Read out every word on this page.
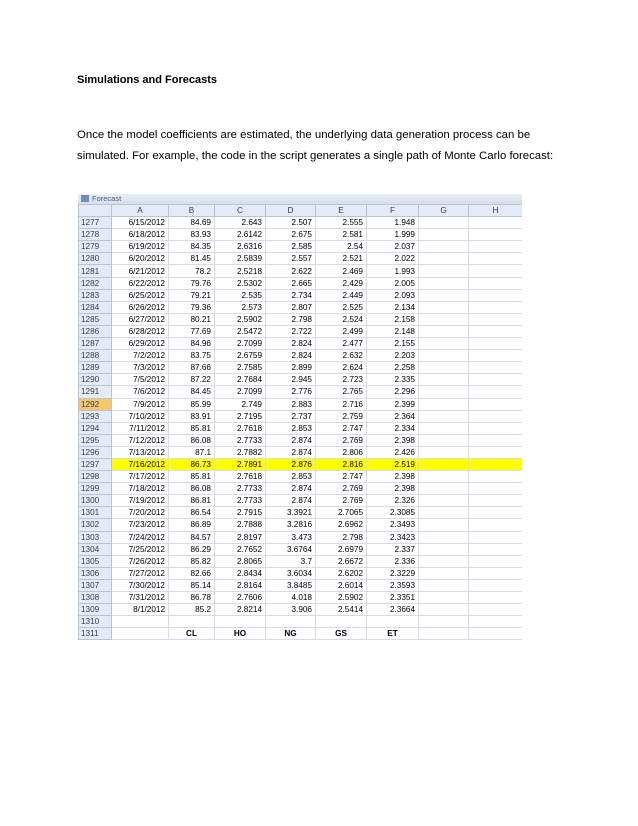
Simulations and Forecasts
Once the model coefficients are estimated, the underlying data generation process can be simulated. For example, the code in the script generates a single path of Monte Carlo forecast:
Forecast
	A	B	C	D	E	F	G	H
1277	6/15/2012	84.69	2.643	2.507	2.555	1.948		
1278	6/18/2012	83.93	2.6142	2.675	2.581	1.999		
1279	6/19/2012	84.35	2.6316	2.585	2.54	2.037		
1280	6/20/2012	81.45	2.5839	2.557	2.521	2.022		
1281	6/21/2012	78.2	2.5218	2.622	2.469	1.993		
1282	6/22/2012	79.76	2.5302	2.665	2.429	2.005		
1283	6/25/2012	79.21	2.535	2.734	2.449	2.093		
1284	6/26/2012	79.36	2.573	2.807	2.525	2.134		
1285	6/27/2012	80.21	2.5902	2.798	2.524	2.158		
1286	6/28/2012	77.69	2.5472	2.722	2.499	2.148		
1287	6/29/2012	84.96	2.7099	2.824	2.477	2.155		
1288	7/2/2012	83.75	2.6759	2.824	2.632	2.203		
1289	7/3/2012	87.66	2.7585	2.899	2.624	2.258		
1290	7/5/2012	87.22	2.7684	2.945	2.723	2.335		
1291	7/6/2012	84.45	2.7099	2.776	2.765	2.296		
1292	7/9/2012	85.99	2.749	2.883	2.716	2.399		
1293	7/10/2012	83.91	2.7195	2.737	2.759	2.364		
1294	7/11/2012	85.81	2.7618	2.853	2.747	2.334		
1295	7/12/2012	86.08	2.7733	2.874	2.769	2.398		
1296	7/13/2012	87.1	2.7882	2.874	2.806	2.426		
1297	7/16/2012	86.73	2.7891	2.876	2.816	2.519		
1298	7/17/2012	85.81	2.7618	2.853	2.747	2.398		
1299	7/18/2012	86.08	2.7733	2.874	2.769	2.398		
1300	7/19/2012	86.81	2.7733	2.874	2.769	2.326		
1301	7/20/2012	86.54	2.7915	3.3921	2.7065	2.3085		
1302	7/23/2012	86.89	2.7888	3.2816	2.6962	2.3493		
1303	7/24/2012	84.57	2.8197	3.473	2.798	2.3423		
1304	7/25/2012	86.29	2.7652	3.6764	2.6979	2.337		
1305	7/26/2012	85.82	2.8065	3.7	2.6672	2.336		
1306	7/27/2012	82.66	2.8434	3.6034	2.6202	2.3229		
1307	7/30/2012	85.14	2.8164	3.8485	2.6014	2.3593		
1308	7/31/2012	86.78	2.7606	4.018	2.5902	2.3351		
1309	8/1/2012	85.2	2.8214	3.906	2.5414	2.3664		
1310								
1311		CL	HO	NG	GS	ET		
